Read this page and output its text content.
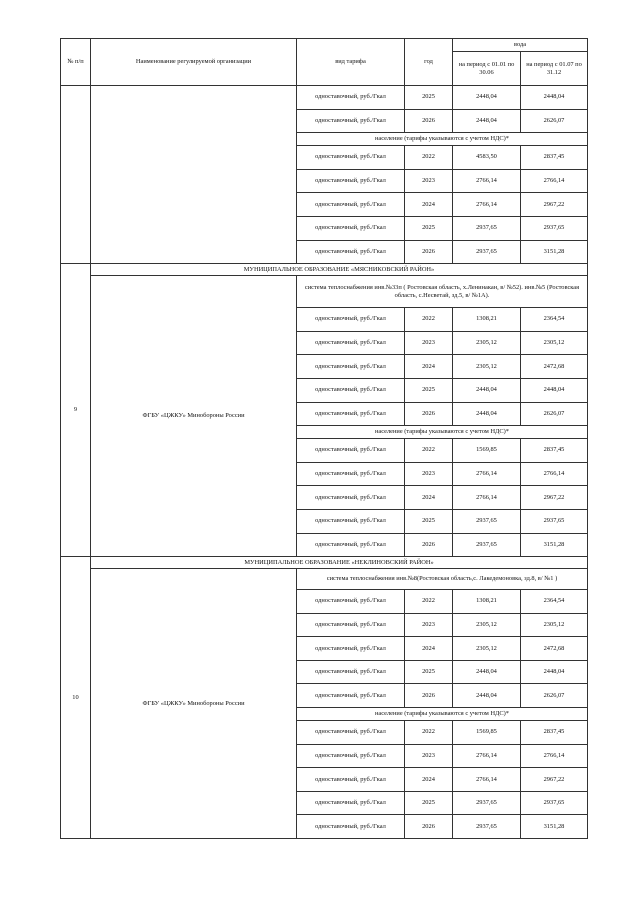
№ п/п	Наименование регулируемой организации	вид тарифа	год	вода	
				на период с 01.01 по 30.06	на период с 01.07 по 31.12
		одноставочный, руб./Гкал	2025	2448,04	2448,04
		одноставочный, руб./Гкал	2026	2448,04	2626,07
		население (тарифы указываются с учетом НДС)*			
		одноставочный, руб./Гкал	2022	4583,50	2837,45
		одноставочный, руб./Гкал	2023	2766,14	2766,14
		одноставочный, руб./Гкал	2024	2766,14	2967,22
		одноставочный, руб./Гкал	2025	2937,65	2937,65
		одноставочный, руб./Гкал	2026	2937,65	3151,28
9	МУНИЦИПАЛЬНОЕ ОБРАЗОВАНИЕ «МЯСНИКОВСКИЙ РАЙОН»				
	ФГБУ «ЦЖКУ» Минобороны России	система теплоснабжения инв.№33п ( Ростовская область, х.Ленинакан, в/ №52). инв.№5 (Ростовская область, с.Несветай, зд.5, в/ №1А).			
		одноставочный, руб./Гкал	2022	1308,21	2364,54
		одноставочный, руб./Гкал	2023	2305,12	2305,12
		одноставочный, руб./Гкал	2024	2305,12	2472,68
		одноставочный, руб./Гкал	2025	2448,04	2448,04
		одноставочный, руб./Гкал	2026	2448,04	2626,07
		население (тарифы указываются с учетом НДС)*			
		одноставочный, руб./Гкал	2022	1569,85	2837,45
		одноставочный, руб./Гкал	2023	2766,14	2766,14
		одноставочный, руб./Гкал	2024	2766,14	2967,22
		одноставочный, руб./Гкал	2025	2937,65	2937,65
		одноставочный, руб./Гкал	2026	2937,65	3151,28
10	МУНИЦИПАЛЬНОЕ ОБРАЗОВАНИЕ «НЕКЛИНОВСКИЙ РАЙОН»				
	ФГБУ «ЦЖКУ» Минобороны России	система теплоснабжения инв.№8(Ростовская область,с. Лакедемоновка, зд.8, в/ №1 )			
		одноставочный, руб./Гкал	2022	1308,21	2364,54
		одноставочный, руб./Гкал	2023	2305,12	2305,12
		одноставочный, руб./Гкал	2024	2305,12	2472,68
		одноставочный, руб./Гкал	2025	2448,04	2448,04
		одноставочный, руб./Гкал	2026	2448,04	2626,07
		население (тарифы указываются с учетом НДС)*			
		одноставочный, руб./Гкал	2022	1569,85	2837,45
		одноставочный, руб./Гкал	2023	2766,14	2766,14
		одноставочный, руб./Гкал	2024	2766,14	2967,22
		одноставочный, руб./Гкал	2025	2937,65	2937,65
		одноставочный, руб./Гкал	2026	2937,65	3151,28
